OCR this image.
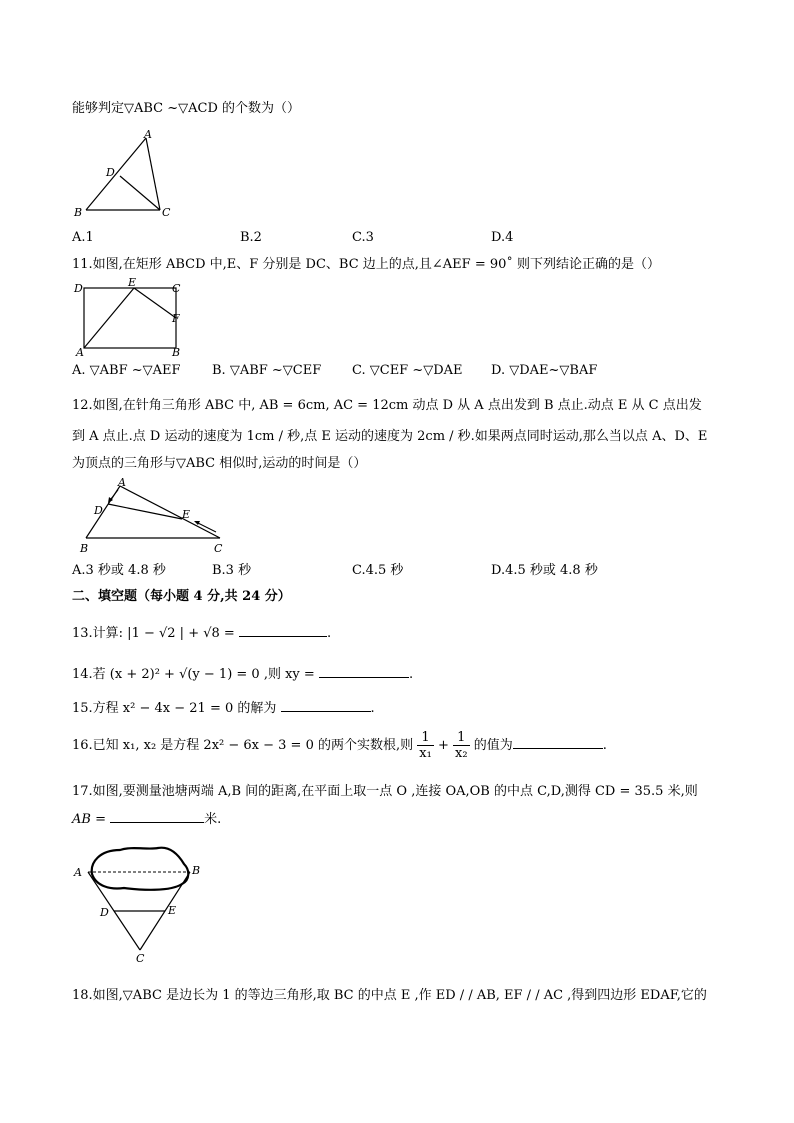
能够判定▽ABC ~▽ACD 的个数为（）
A
D
B	C
A.1	B.2	C.3	D.4
11.如图,在矩形 ABCD 中,E、F 分别是 DC、BC 边上的点,且∠AEF = 90˚ 则下列结论正确的是（）
D	E	C
F
A	B
A. ▽ABF ~▽AEF B. ▽ABF ~▽CEF C. ▽CEF ~▽DAE D. ▽DAE~▽BAF
12.如图,在针角三角形 ABC 中, AB = 6cm, AC = 12cm 动点 D 从 A 点出发到 B 点止.动点 E 从 C 点出发
到 A 点止.点 D 运动的速度为 1cm / 秒,点 E 运动的速度为 2cm / 秒.如果两点同时运动,那么当以点 A、D、E
为顶点的三角形与▽ABC 相似时,运动的时间是（）
A
D	E
B	C
A.3 秒或 4.8 秒	B.3 秒	C.4.5 秒	D.4.5 秒或 4.8 秒
二、填空题（每小题 4 分,共 24 分）
13.计算: |1 − √2 | + √8 =	.
14.若 (x + 2)² + √(y − 1) = 0 ,则 xy =	.
15.方程 x² − 4x − 21 = 0 的解为	.
16.已知 x₁, x₂ 是方程 2x² − 6x − 3 = 0 的两个实数根,则 $\frac{1}{\text{x₁}} + \frac{1}{\text{x₂}}$ 的值为	.
17.如图,要测量池塘两端 A,B 间的距离,在平面上取一点 O ,连接 OA,OB 的中点 C,D,测得 CD = 35.5 米,则
AB =	米.
A	B
D	E
C
18.如图,▽ABC 是边长为 1 的等边三角形,取 BC 的中点 E ,作 ED / / AB, EF / / AC ,得到四边形 EDAF,它的
